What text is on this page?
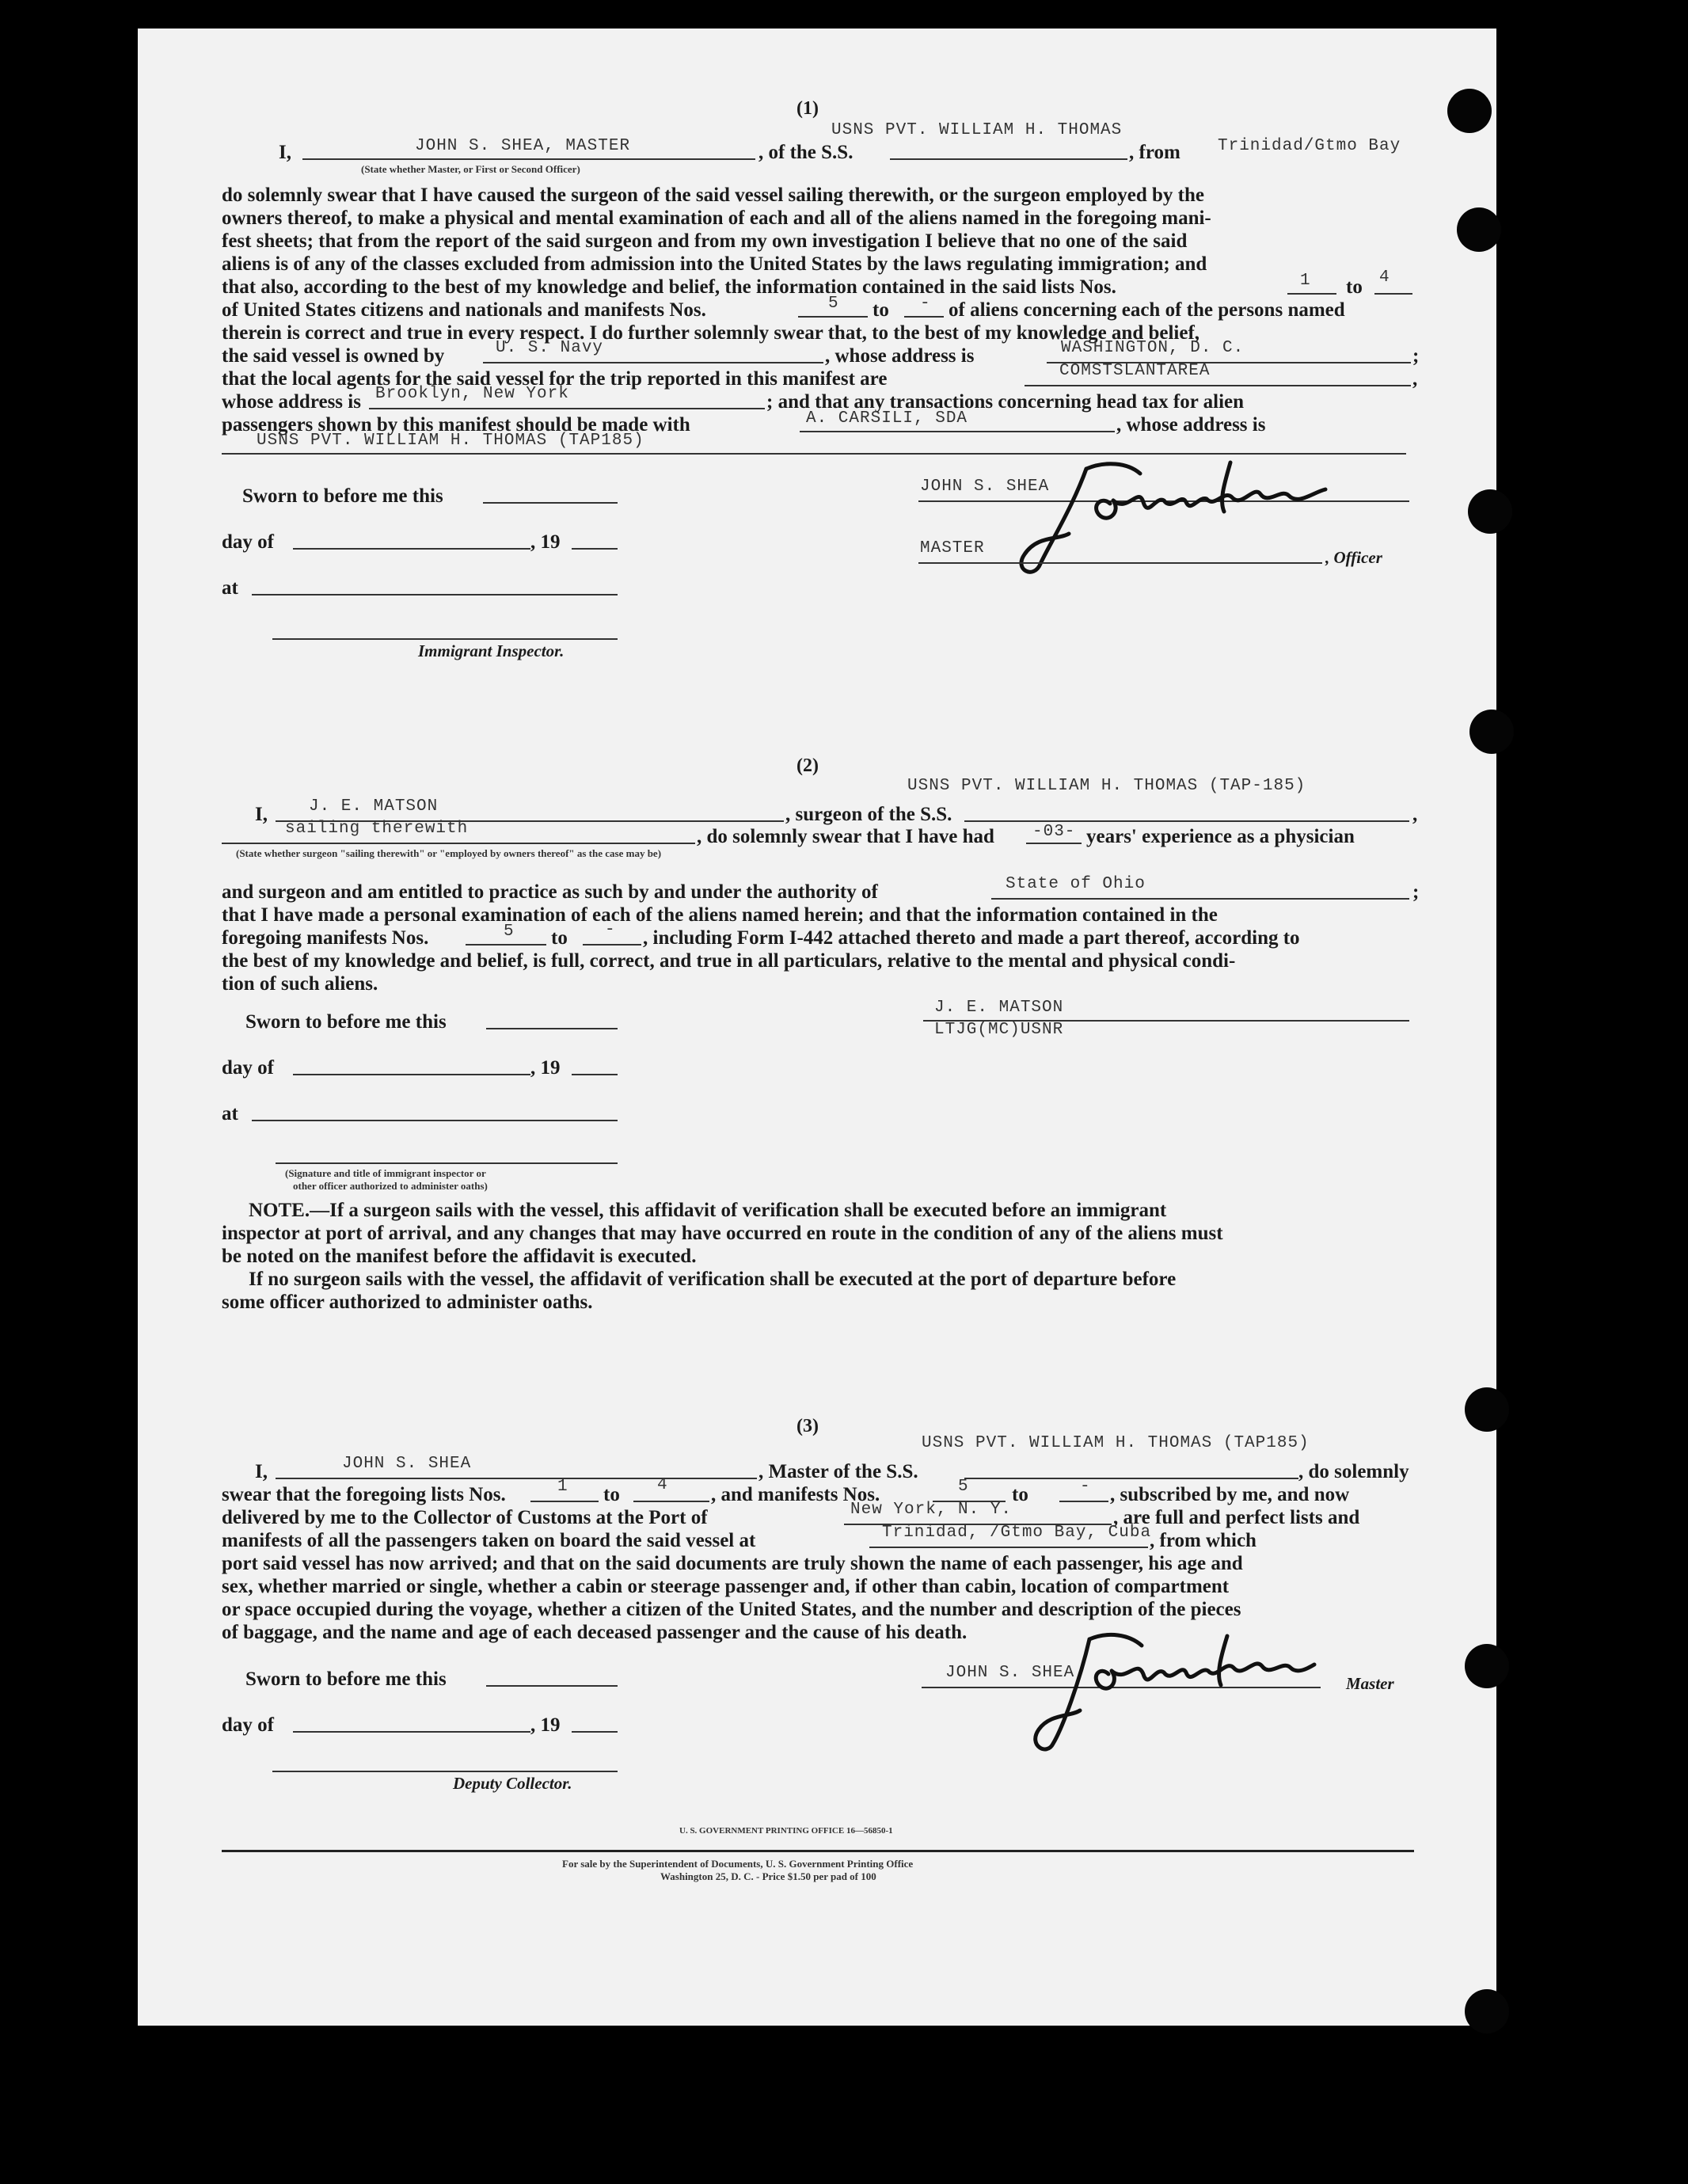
(1)
I,	JOHN S. SHEA, MASTER	, of the S.S.
USNS PVT. WILLIAM H. THOMAS
, from Trinidad/Gtmo Bay
(State whether Master, or First or Second Officer)
do solemnly swear that I have caused the surgeon of the said vessel sailing therewith, or the surgeon employed by the
owners thereof, to make a physical and mental examination of each and all of the aliens named in the foregoing mani-
fest sheets; that from the report of the said surgeon and from my own investigation I believe that no one of the said
aliens is of any of the classes excluded from admission into the United States by the laws regulating immigration; and
that also, according to the best of my knowledge and belief, the information contained in the said lists Nos.	1 to 4
of United States citizens and nationals and manifests Nos.	5 to - of aliens concerning each of the persons named
therein is correct and true in every respect. I do further solemnly swear that, to the best of my knowledge and belief,
the said vessel is owned by	U. S. Navy	, whose address is	WASHINGTON, D. C.	;
that the local agents for the said vessel for the trip reported in this manifest are	COMSTSLANTAREA	,
whose address is Brooklyn, New York	; and that any transactions concerning head tax for alien
passengers shown by this manifest should be made with	A. CARSILI, SDA	, whose address is
USNS PVT. WILLIAM H. THOMAS (TAP185)
Sworn to before me this
day of	, 19
at
Immigrant Inspector.
JOHN S. SHEA
MASTER	, Officer
(2)
USNS PVT. WILLIAM H. THOMAS (TAP-185)
I, J. E. MATSON	, surgeon of the S.S.	,
sailing therewith	, do solemnly swear that I have had -03- years' experience as a physician
(State whether surgeon "sailing therewith" or "employed by owners thereof" as the case may be)
and surgeon and am entitled to practice as such by and under the authority of	State of Ohio	;
that I have made a personal examination of each of the aliens named herein; and that the information contained in the
foregoing manifests Nos.	5 to - , including Form I-442 attached thereto and made a part thereof, according to
the best of my knowledge and belief, is full, correct, and true in all particulars, relative to the mental and physical condi-
tion of such aliens.
Sworn to before me this
day of	, 19
at
(Signature and title of immigrant inspector or
other officer authorized to administer oaths)
J. E. MATSON
LTJG(MC)USNR
NOTE.—If a surgeon sails with the vessel, this affidavit of verification shall be executed before an immigrant
inspector at port of arrival, and any changes that may have occurred en route in the condition of any of the aliens must
be noted on the manifest before the affidavit is executed.
If no surgeon sails with the vessel, the affidavit of verification shall be executed at the port of departure before
some officer authorized to administer oaths.
(3)
USNS PVT. WILLIAM H. THOMAS (TAP185)
I,	JOHN S. SHEA	, Master of the S.S.	, do solemnly
swear that the foregoing lists Nos.	1 to 4 , and manifests Nos.	5 to	- , subscribed by me, and now
delivered by me to the Collector of Customs at the Port of	New York, N. Y.	, are full and perfect lists and
manifests of all the passengers taken on board the said vessel at	Trinidad, /Gtmo Bay, Cuba
, from which
port said vessel has now arrived; and that on the said documents are truly shown the name of each passenger, his age and
sex, whether married or single, whether a cabin or steerage passenger and, if other than cabin, location of compartment
or space occupied during the voyage, whether a citizen of the United States, and the number and description of the pieces
of baggage, and the name and age of each deceased passenger and the cause of his death.
Sworn to before me this
day of	, 19
Deputy Collector.
JOHN S. SHEA
Master
U. S. GOVERNMENT PRINTING OFFICE 16—56850-1
For sale by the Superintendent of Documents, U. S. Government Printing Office
Washington 25, D. C. - Price $1.50 per pad of 100
